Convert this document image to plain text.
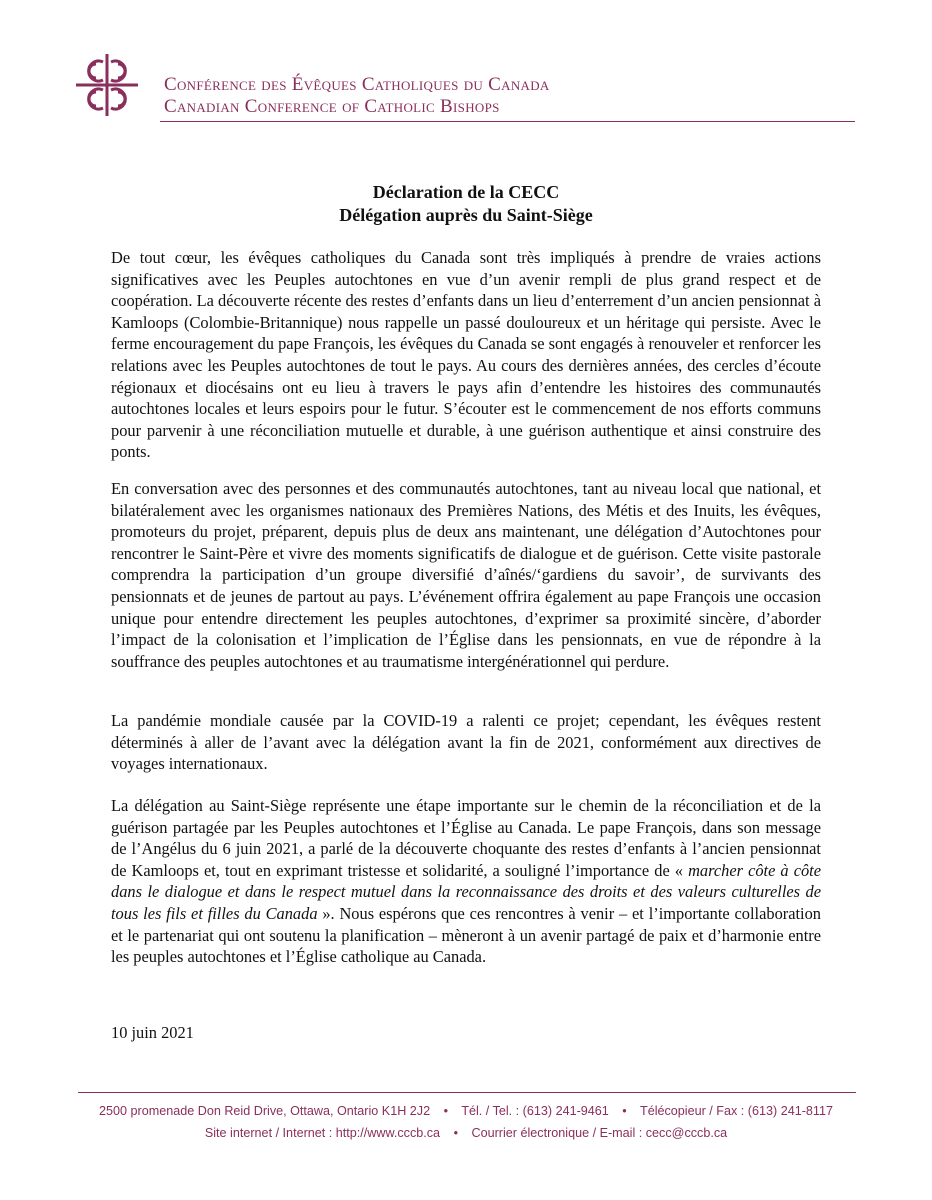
Conférence des Évêques Catholiques du Canada
Canadian Conference of Catholic Bishops
Déclaration de la CECC
Délégation auprès du Saint-Siège

De tout cœur, les évêques catholiques du Canada sont très impliqués à prendre de vraies actions significatives avec les Peuples autochtones en vue d’un avenir rempli de plus grand respect et de coopération. La découverte récente des restes d’enfants dans un lieu d’enterrement d’un ancien pensionnat à Kamloops (Colombie-Britannique) nous rappelle un passé douloureux et un héritage qui persiste. Avec le ferme encouragement du pape François, les évêques du Canada se sont engagés à renouveler et renforcer les relations avec les Peuples autochtones de tout le pays. Au cours des dernières années, des cercles d’écoute régionaux et diocésains ont eu lieu à travers le pays afin d’entendre les histoires des communautés autochtones locales et leurs espoirs pour le futur. S’écouter est le commencement de nos efforts communs pour parvenir à une réconciliation mutuelle et durable, à une guérison authentique et ainsi construire des ponts.

En conversation avec des personnes et des communautés autochtones, tant au niveau local que national, et bilatéralement avec les organismes nationaux des Premières Nations, des Métis et des Inuits, les évêques, promoteurs du projet, préparent, depuis plus de deux ans maintenant, une délégation d’Autochtones pour rencontrer le Saint-Père et vivre des moments significatifs de dialogue et de guérison. Cette visite pastorale comprendra la participation d’un groupe diversifié d’aînés/‘gardiens du savoir’, de survivants des pensionnats et de jeunes de partout au pays. L’événement offrira également au pape François une occasion unique pour entendre directement les peuples autochtones, d’exprimer sa proximité sincère, d’aborder l’impact de la colonisation et l’implication de l’Église dans les pensionnats, en vue de répondre à la souffrance des peuples autochtones et au traumatisme intergénérationnel qui perdure.

La pandémie mondiale causée par la COVID-19 a ralenti ce projet; cependant, les évêques restent déterminés à aller de l’avant avec la délégation avant la fin de 2021, conformément aux directives de voyages internationaux.

La délégation au Saint-Siège représente une étape importante sur le chemin de la réconciliation et de la guérison partagée par les Peuples autochtones et l’Église au Canada. Le pape François, dans son message de l’Angélus du 6 juin 2021, a parlé de la découverte choquante des restes d’enfants à l’ancien pensionnat de Kamloops et, tout en exprimant tristesse et solidarité, a souligné l’importance de « marcher côte à côte dans le dialogue et dans le respect mutuel dans la reconnaissance des droits et des valeurs culturelles de tous les fils et filles du Canada ». Nous espérons que ces rencontres à venir – et l’importante collaboration et le partenariat qui ont soutenu la planification – mèneront à un avenir partagé de paix et d’harmonie entre les peuples autochtones et l’Église catholique au Canada.

10 juin 2021
2500 promenade Don Reid Drive, Ottawa, Ontario K1H 2J2 • Tél. / Tel. : (613) 241-9461 • Télécopieur / Fax : (613) 241-8117
Site internet / Internet : http://www.cccb.ca • Courrier électronique / E-mail : cecc@cccb.ca
